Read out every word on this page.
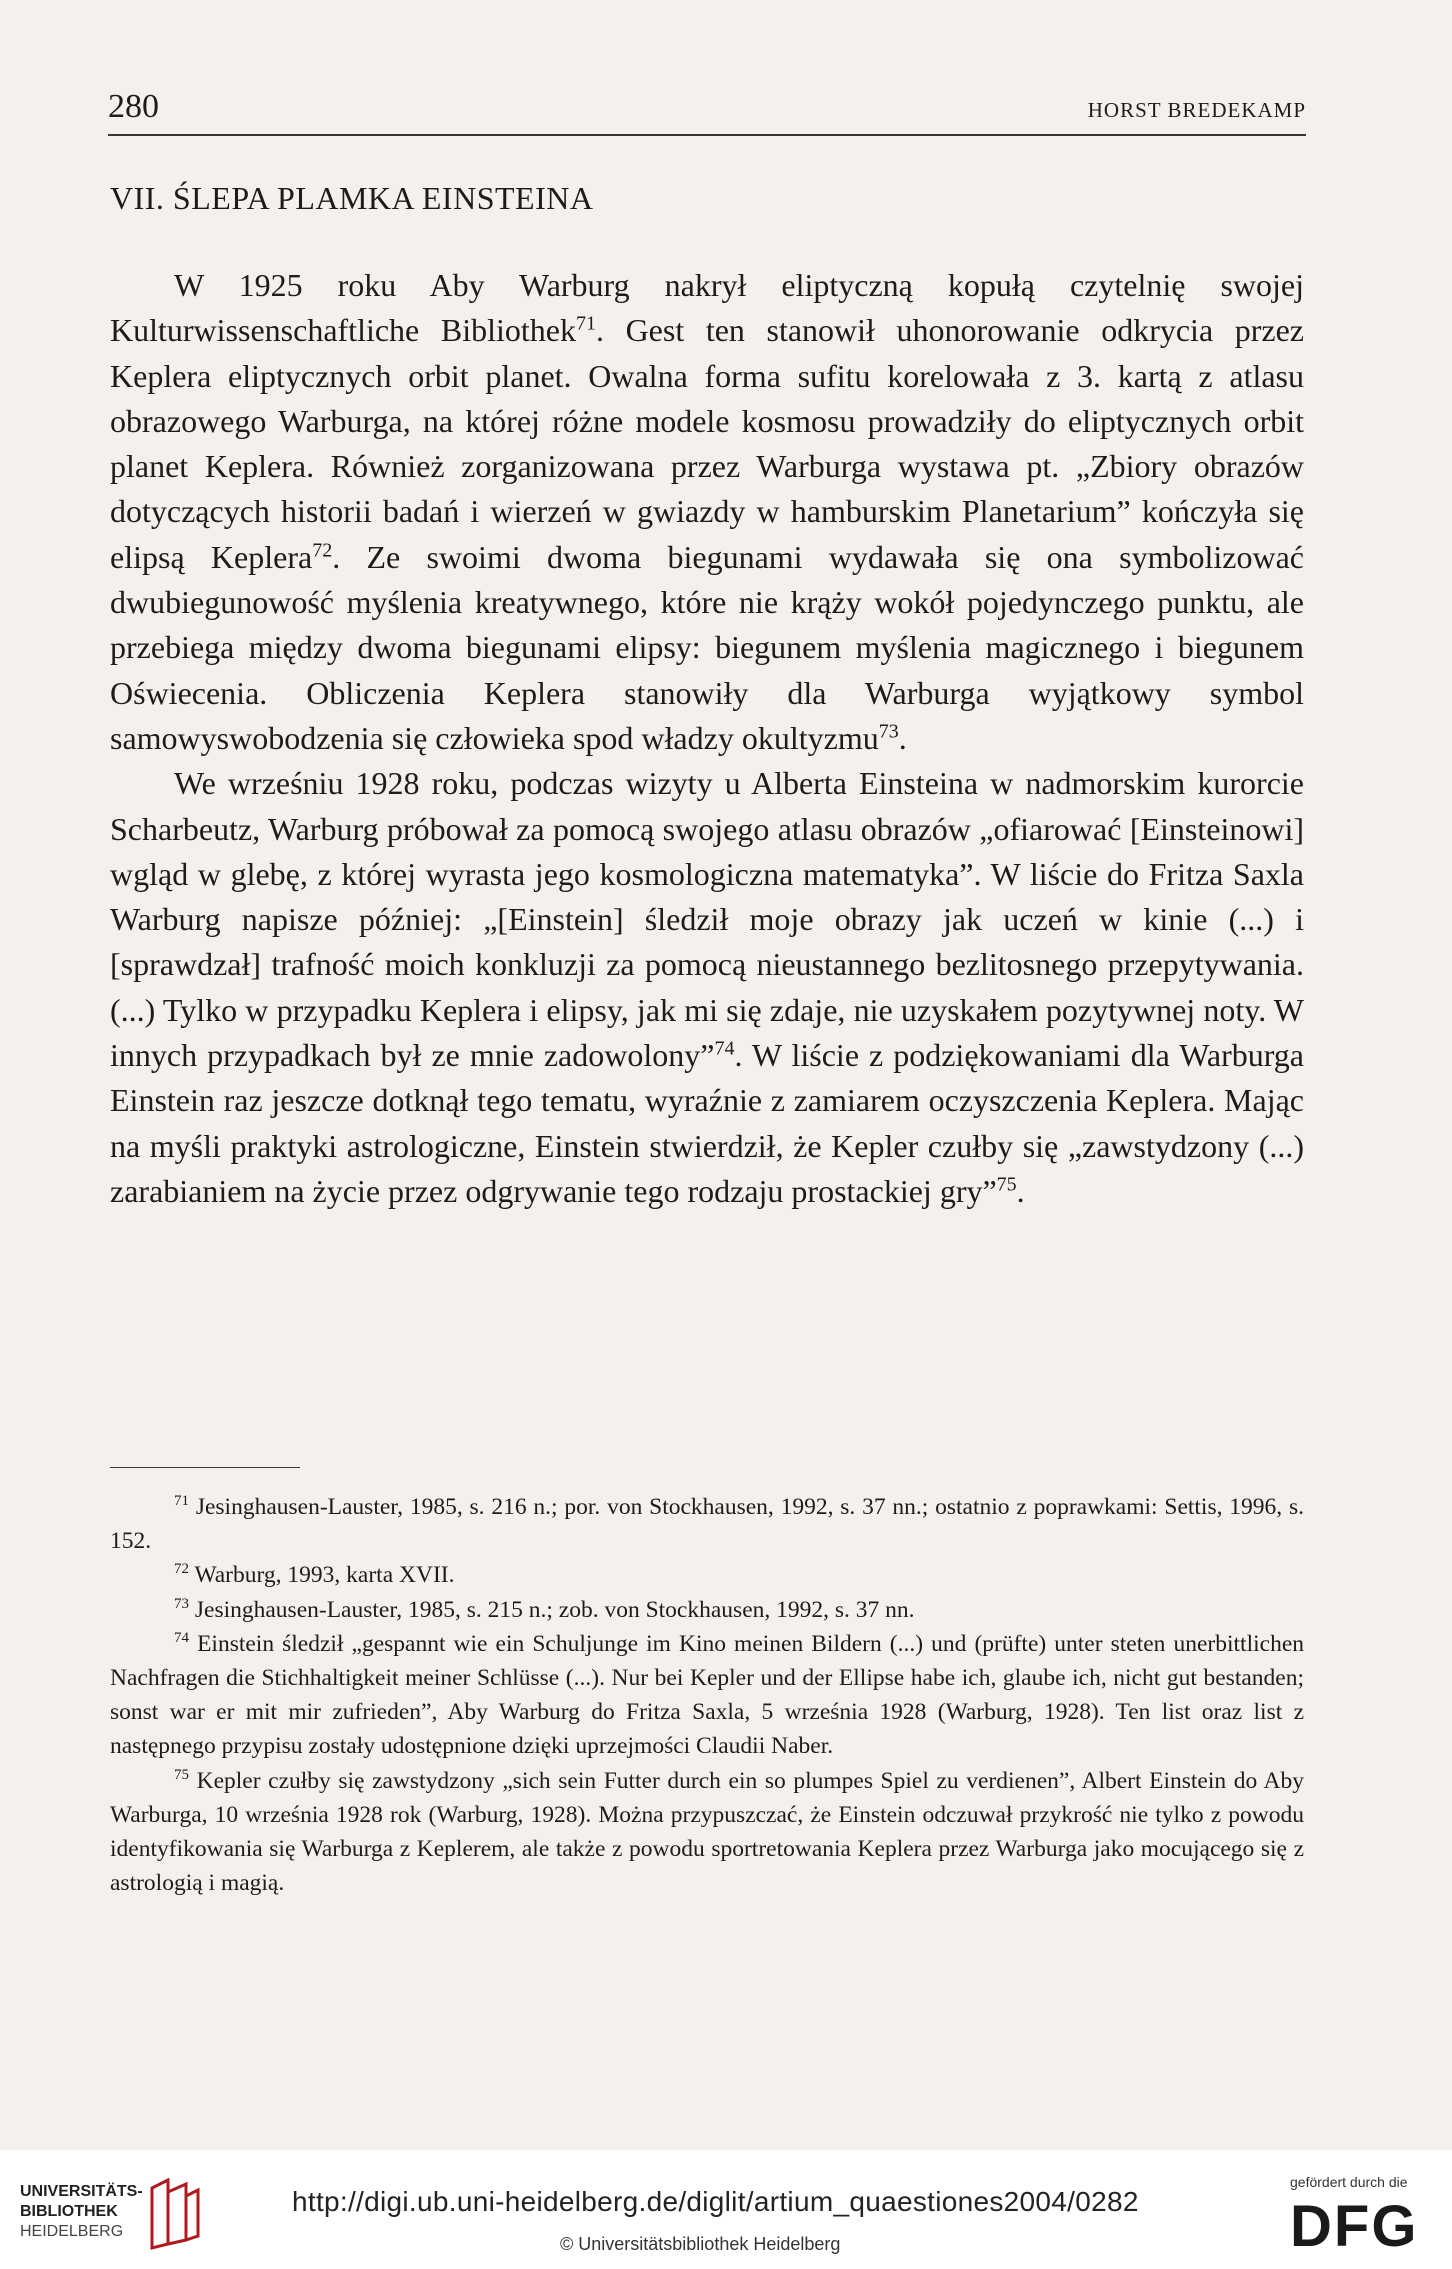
280	HORST BREDEKAMP
VII. ŚLEPA PLAMKA EINSTEINA

W 1925 roku Aby Warburg nakrył eliptyczną kopułą czytelnię swojej Kulturwissenschaftliche Bibliothek$^{71}$. Gest ten stanowił uhonorowanie odkrycia przez Keplera eliptycznych orbit planet. Owalna forma sufitu korelowała z 3. kartą z atlasu obrazowego Warburga, na której różne modele kosmosu prowadziły do eliptycznych orbit planet Keplera. Również zorganizowana przez Warburga wystawa pt. „Zbiory obrazów dotyczących historii badań i wierzeń w gwiazdy w hamburskim Planetarium” kończyła się elipsą Keplera$^{72}$. Ze swoimi dwoma biegunami wydawała się ona symbolizować dwubiegunowość myślenia kreatywnego, które nie krąży wokół pojedynczego punktu, ale przebiega między dwoma biegunami elipsy: biegunem myślenia magicznego i biegunem Oświecenia. Obliczenia Keplera stanowiły dla Warburga wyjątkowy symbol samowyswobodzenia się człowieka spod władzy okultyzmu$^{73}$.

We wrześniu 1928 roku, podczas wizyty u Alberta Einsteina w nadmorskim kurorcie Scharbeutz, Warburg próbował za pomocą swojego atlasu obrazów „ofiarować [Einsteinowi] wgląd w glebę, z której wyrasta jego kosmologiczna matematyka”. W liście do Fritza Saxla Warburg napisze później: „[Einstein] śledził moje obrazy jak uczeń w kinie (...) i [sprawdzał] trafność moich konkluzji za pomocą nieustannego bezlitosnego przepytywania. (...) Tylko w przypadku Keplera i elipsy, jak mi się zdaje, nie uzyskałem pozytywnej noty. W innych przypadkach był ze mnie zadowolony”$^{74}$. W liście z podziękowaniami dla Warburga Einstein raz jeszcze dotknął tego tematu, wyraźnie z zamiarem oczyszczenia Keplera. Mając na myśli praktyki astrologiczne, Einstein stwierdził, że Kepler czułby się „zawstydzony (...) zarabianiem na życie przez odgrywanie tego rodzaju prostackiej gry”$^{75}$.

$^{71}$ Jesinghausen-Lauster, 1985, s. 216 n.; por. von Stockhausen, 1992, s. 37 nn.; ostatnio z poprawkami: Settis, 1996, s. 152.

$^{72}$ Warburg, 1993, karta XVII.

$^{73}$ Jesinghausen-Lauster, 1985, s. 215 n.; zob. von Stockhausen, 1992, s. 37 nn.

$^{74}$ Einstein śledził „gespannt wie ein Schuljunge im Kino meinen Bildern (...) und (prüfte) unter steten unerbittlichen Nachfragen die Stichhaltigkeit meiner Schlüsse (...). Nur bei Kepler und der Ellipse habe ich, glaube ich, nicht gut bestanden; sonst war er mit mir zufrieden”, Aby Warburg do Fritza Saxla, 5 września 1928 (Warburg, 1928). Ten list oraz list z następnego przypisu zostały udostępnione dzięki uprzejmości Claudii Naber.

$^{75}$ Kepler czułby się zawstydzony „sich sein Futter durch ein so plumpes Spiel zu verdienen”, Albert Einstein do Aby Warburga, 10 września 1928 rok (Warburg, 1928). Można przypuszczać, że Einstein odczuwał przykrość nie tylko z powodu identyfikowania się Warburga z Keplerem, ale także z powodu sportretowania Keplera przez Warburga jako mocującego się z astrologią i magią.

UNIVERSITÄTS-
BIBLIOTHEK
HEIDELBERG
http://digi.ub.uni-heidelberg.de/diglit/artium_quaestiones2004/0282
© Universitätsbibliothek Heidelberg
gefördert durch die
DFG
